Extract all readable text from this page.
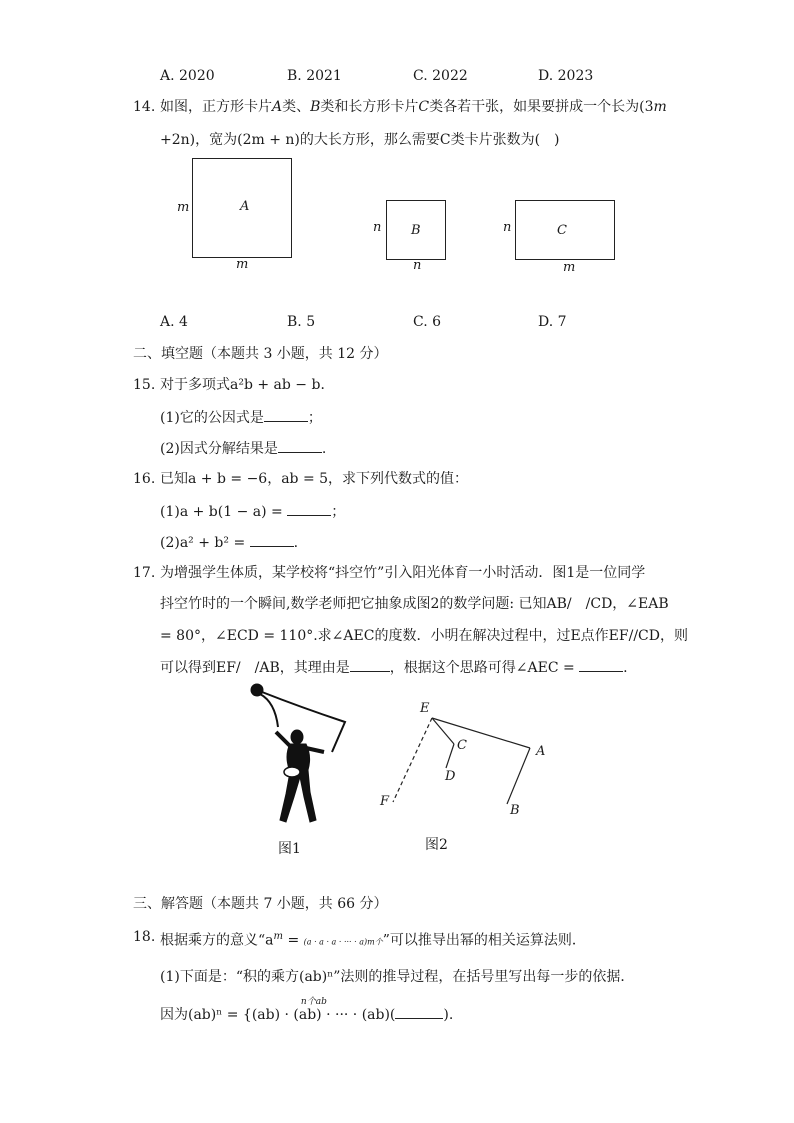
A. 2020	B. 2021	C. 2022	D. 2023
14. 如图，正方形卡片A类、B类和长方形卡片C类各若干张，如果要拼成一个长为(3m
+2n)，宽为(2m + n)的大长方形，那么需要C类卡片张数为(　)
A
m
m
B
n
n
C
n
m
A. 4	B. 5	C. 6	D. 7
二、填空题（本题共 3 小题，共 12 分）
15. 对于多项式a²b + ab − b．
(1)它的公因式是	；
(2)因式分解结果是	.
16. 已知a + b = −6，ab = 5，求下列代数式的值：
(1)a + b(1 − a) =	；
(2)a² + b² =	.
17. 为增强学生体质，某学校将“抖空竹”引入阳光体育一小时活动．图1是一位同学
抖空竹时的一个瞬间,数学老师把它抽象成图2的数学问题: 已知AB/　/CD，∠EAB
= 80°，∠ECD = 110°.求∠AEC的度数．小明在解决过程中，过E点作EF//CD，则
可以得到EF/　/AB，其理由是	，根据这个思路可得∠AEC =	.
图1
E
C	A
D
F
B
图2
三、解答题（本题共 7 小题，共 66 分）
18. 根据乘方的意义“$a^m = (a \cdot a \cdot a$ · ··· · a)m个”可以推导出幂的相关运算法则．
(1)下面是：“积的乘方(ab)ⁿ”法则的推导过程，在括号里写出每一步的依据．
因为(ab)ⁿ =
n个ab
{(ab) · (ab) · ··· · (ab)(	).
